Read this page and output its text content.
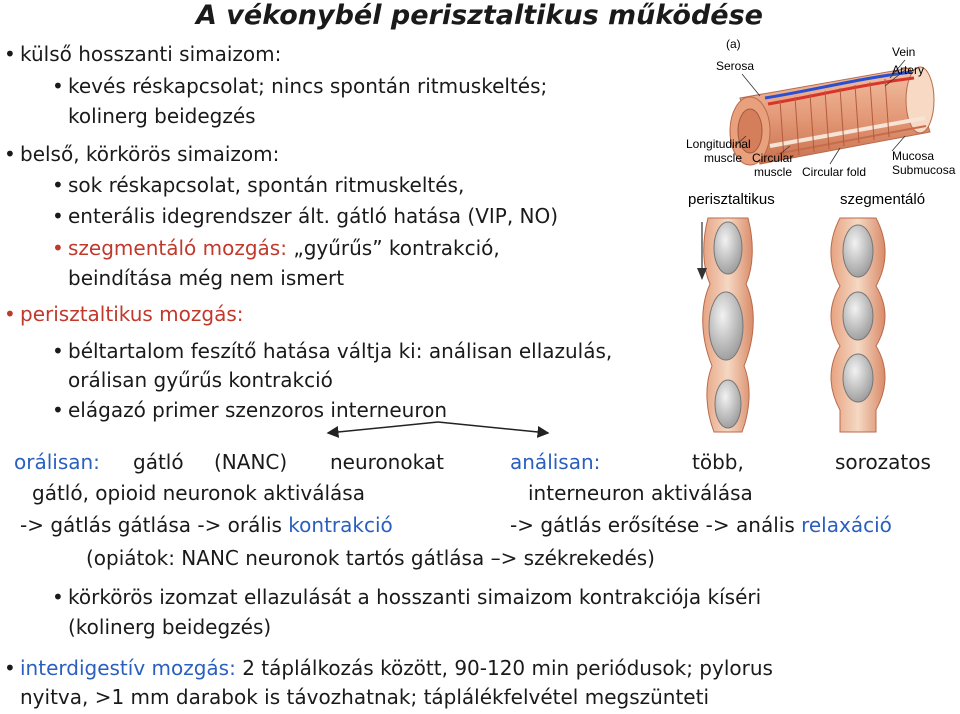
A vékonybél perisztaltikus működése
• külső hosszanti simaizom:
• kevés réskapcsolat; nincs spontán ritmuskeltés;
kolinerg beidegzés
• belső, körkörös simaizom:
• sok réskapcsolat, spontán ritmuskeltés,
• enterális idegrendszer ált. gátló hatása (VIP, NO)
• szegmentáló mozgás: „gyűrűs” kontrakció,
beindítása még nem ismert
• perisztaltikus mozgás:
• béltartalom feszítő hatása váltja ki: análisan ellazulás,
orálisan gyűrűs kontrakció
• elágazó primer szenzoros interneuron
orálisan: gátló (NANC) neuronokat
gátló, opioid neuronok aktiválása
-> gátlás gátlása -> orális kontrakció
análisan:	több,	sorozatos
interneuron aktiválása
-> gátlás erősítése -> anális relaxáció
(opiátok: NANC neuronok tartós gátlása –> székrekedés)
• körkörös izomzat ellazulását a hosszanti simaizom kontrakciója kíséri
(kolinerg beidegzés)
• interdigestív mozgás: 2 táplálkozás között, 90-120 min periódusok; pylorus
nyitva, >1 mm darabok is távozhatnak; táplálékfelvétel megszünteti
(a)
Serosa
Vein
Artery
Longitudinal
muscle Circular
muscle Circular fold
Mucosa
Submucosa
perisztaltikus	szegmentáló
